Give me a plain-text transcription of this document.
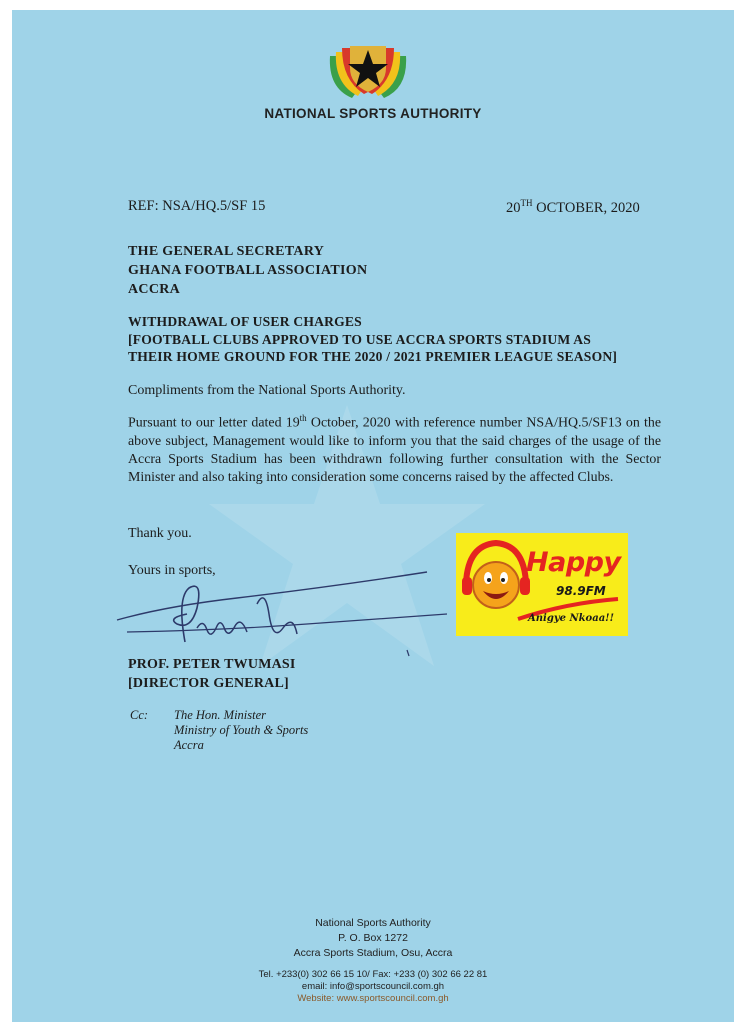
NATIONAL SPORTS AUTHORITY
REF: NSA/HQ.5/SF 15	20TH OCTOBER, 2020
THE GENERAL SECRETARY
GHANA FOOTBALL ASSOCIATION
ACCRA
WITHDRAWAL OF USER CHARGES
[FOOTBALL CLUBS APPROVED TO USE ACCRA SPORTS STADIUM AS
THEIR HOME GROUND FOR THE 2020 / 2021 PREMIER LEAGUE SEASON]
Compliments from the National Sports Authority.
Pursuant to our letter dated 19th October, 2020 with reference number NSA/HQ.5/SF13 on the above subject, Management would like to inform you that the said charges of the usage of the Accra Sports Stadium has been withdrawn following further consultation with the Sector Minister and also taking into consideration some concerns raised by the affected Clubs.
Thank you.
Yours in sports,
PROF. PETER TWUMASI
[DIRECTOR GENERAL]
Cc: The Hon. Minister
Ministry of Youth & Sports
Accra
Happy
98.9FM
Anigye Nkoaa!!
National Sports Authority
P. O. Box 1272
Accra Sports Stadium, Osu, Accra
Tel. +233(0) 302 66 15 10/ Fax: +233 (0) 302 66 22 81
email: info@sportscouncil.com.gh
Website: www.sportscouncil.com.gh
